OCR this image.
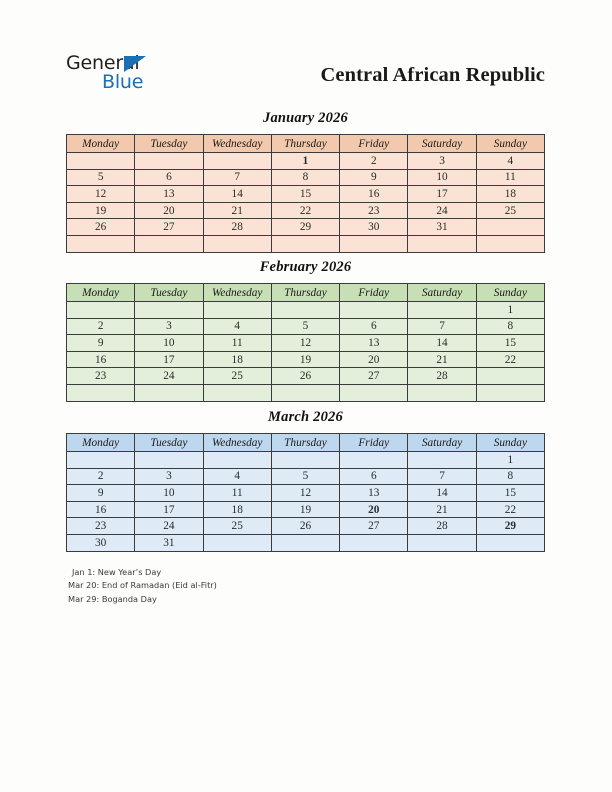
General
Blue	Central African Republic
January 2026
Monday	Tuesday	Wednesday	Thursday	Friday	Saturday	Sunday
			1	2	3	4
5	6	7	8	9	10	11
12	13	14	15	16	17	18
19	20	21	22	23	24	25
26	27	28	29	30	31	

February 2026
Monday	Tuesday	Wednesday	Thursday	Friday	Saturday	Sunday
						1
2	3	4	5	6	7	8
9	10	11	12	13	14	15
16	17	18	19	20	21	22
23	24	25	26	27	28	

March 2026
Monday	Tuesday	Wednesday	Thursday	Friday	Saturday	Sunday
						1
2	3	4	5	6	7	8
9	10	11	12	13	14	15
16	17	18	19	20	21	22
23	24	25	26	27	28	29
30	31					
Jan 1: New Year’s Day
Mar 20: End of Ramadan (Eid al-Fitr)
Mar 29: Boganda Day
